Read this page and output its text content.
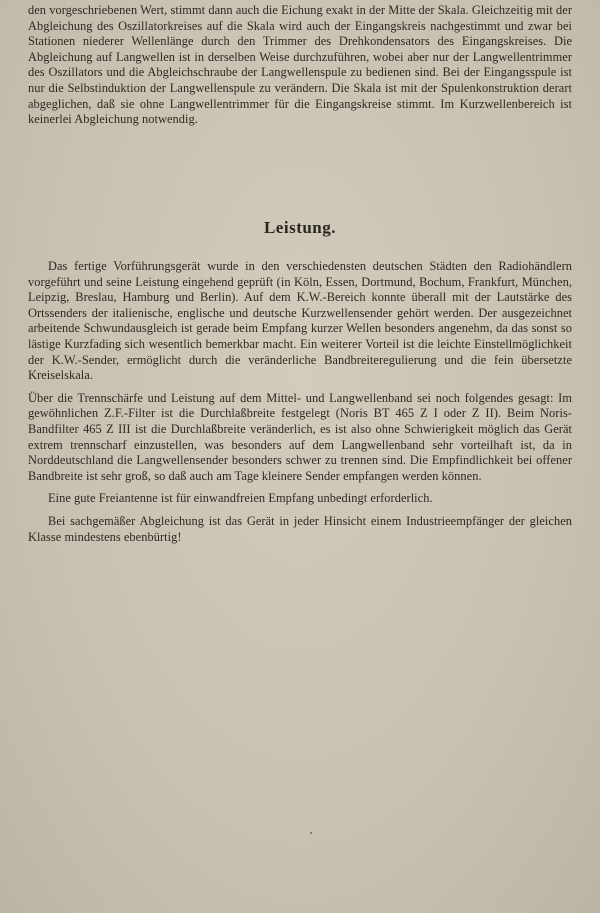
den vorgeschriebenen Wert, stimmt dann auch die Eichung exakt in der Mitte der Skala. Gleichzeitig mit der Abgleichung des Oszillatorkreises auf die Skala wird auch der Eingangskreis nachgestimmt und zwar bei Stationen niederer Wellenlänge durch den Trimmer des Drehkondensators des Eingangskreises. Die Abgleichung auf Langwellen ist in derselben Weise durchzuführen, wobei aber nur der Langwellentrimmer des Oszillators und die Abgleichschraube der Langwellenspule zu bedienen sind. Bei der Eingangsspule ist nur die Selbstinduktion der Langwellenspule zu verändern. Die Skala ist mit der Spulenkonstruktion derart abgeglichen, daß sie ohne Langwellentrimmer für die Eingangskreise stimmt. Im Kurzwellenbereich ist keinerlei Abgleichung notwendig.

Leistung.

Das fertige Vorführungsgerät wurde in den verschiedensten deutschen Städten den Radiohändlern vorgeführt und seine Leistung eingehend geprüft (in Köln, Essen, Dortmund, Bochum, Frankfurt, München, Leipzig, Breslau, Hamburg und Berlin). Auf dem K.W.-Bereich konnte überall mit der Lautstärke des Ortssenders der italienische, englische und deutsche Kurzwellensender gehört werden. Der ausgezeichnet arbeitende Schwundausgleich ist gerade beim Empfang kurzer Wellen besonders angenehm, da das sonst so lästige Kurzfading sich wesentlich bemerkbar macht. Ein weiterer Vorteil ist die leichte Einstellmöglichkeit der K.W.-Sender, ermöglicht durch die veränderliche Bandbreiteregulierung und die fein übersetzte Kreiselskala.

Über die Trennschärfe und Leistung auf dem Mittel- und Langwellenband sei noch folgendes gesagt: Im gewöhnlichen Z.F.-Filter ist die Durchlaßbreite festgelegt (Noris BT 465 Z I oder Z II). Beim Noris-Bandfilter 465 Z III ist die Durchlaßbreite veränderlich, es ist also ohne Schwierigkeit möglich das Gerät extrem trennscharf einzustellen, was besonders auf dem Langwellenband sehr vorteilhaft ist, da in Norddeutschland die Langwellensender besonders schwer zu trennen sind. Die Empfindlichkeit bei offener Bandbreite ist sehr groß, so daß auch am Tage kleinere Sender empfangen werden können.

Eine gute Freiantenne ist für einwandfreien Empfang unbedingt erforderlich.

Bei sachgemäßer Abgleichung ist das Gerät in jeder Hinsicht einem Industrieempfänger der gleichen Klasse mindestens ebenbürtig!
